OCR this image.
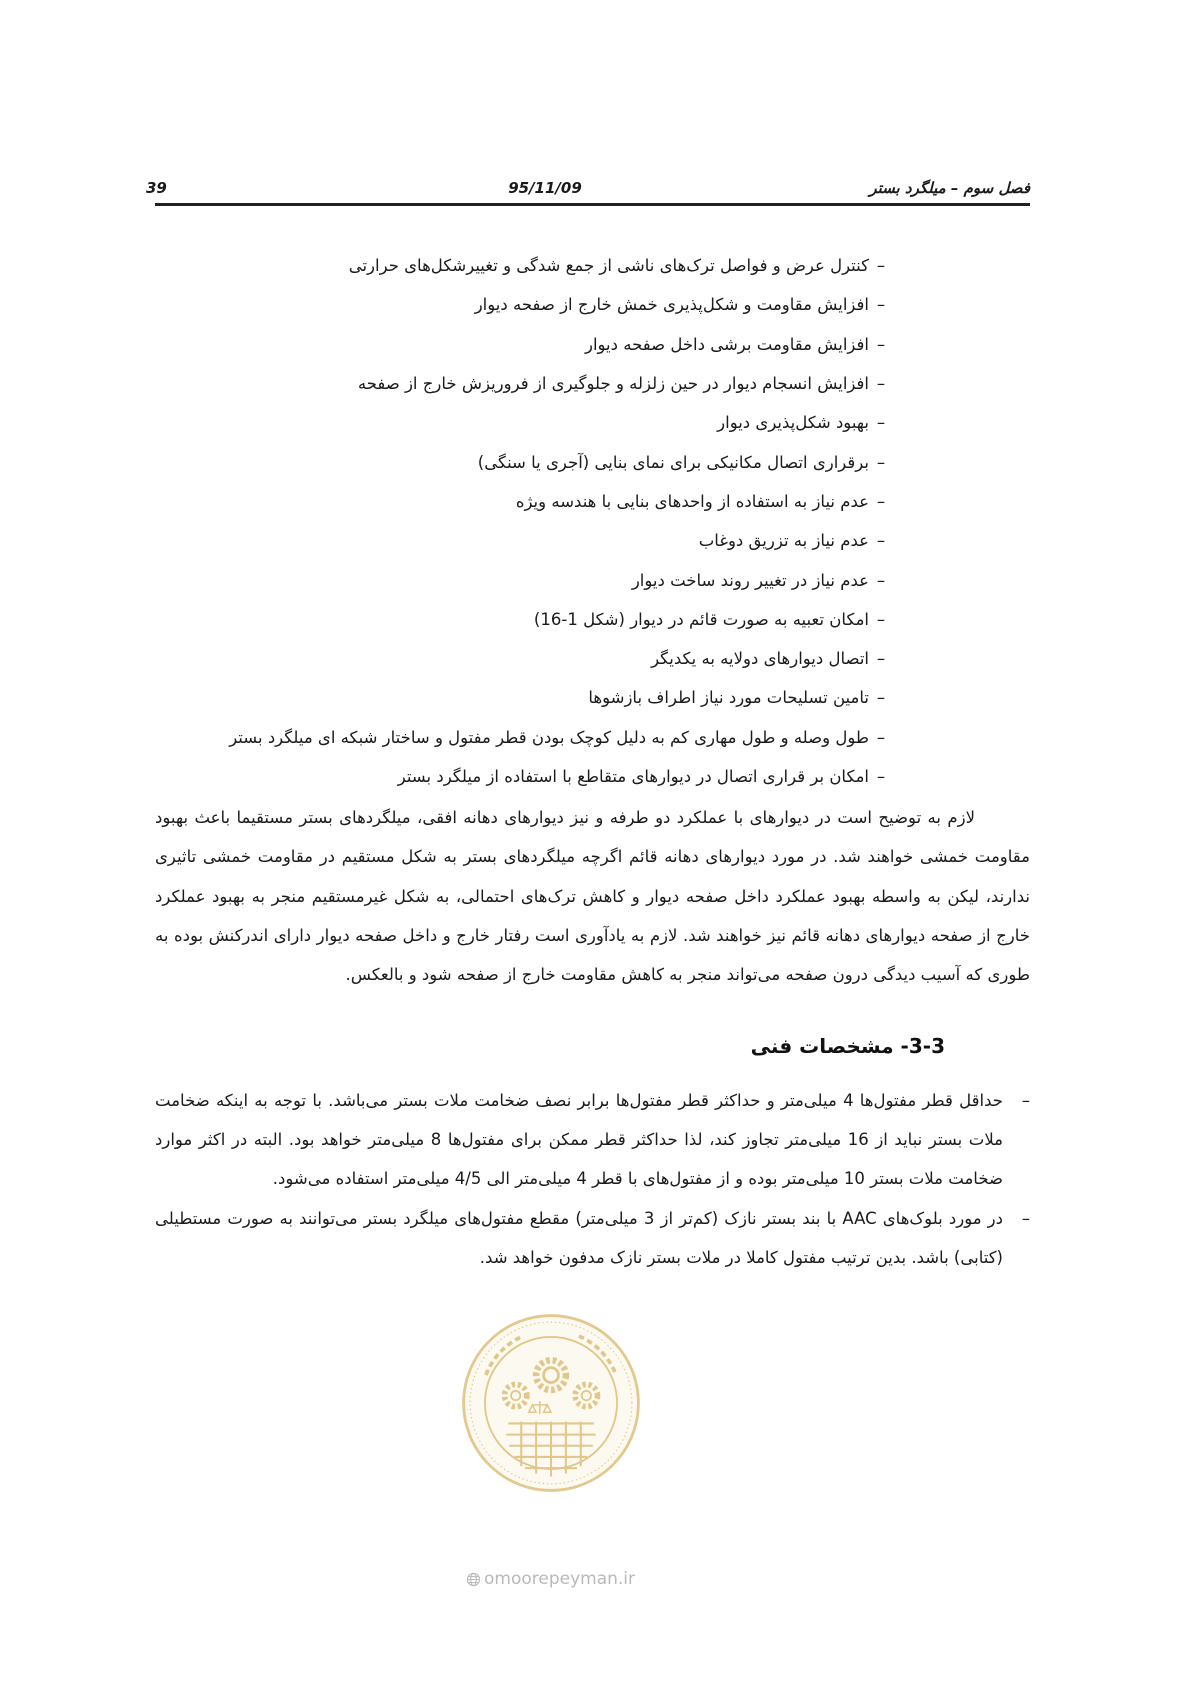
39	95/11/09	فصل سوم – میلگرد بستر
–
کنترل عرض و فواصل ترک‌های ناشی از جمع شدگی و تغییرشکل‌های حرارتی
–
افزایش مقاومت و شکل‌پذیری خمش خارج از صفحه دیوار
–
افزایش مقاومت برشی داخل صفحه دیوار
–
افزایش انسجام دیوار در حین زلزله و جلوگیری از فروریزش خارج از صفحه
–
بهبود شکل‌پذیری دیوار
–
برقراری اتصال مکانیکی برای نمای بنایی (آجری یا سنگی)
–
عدم نیاز به استفاده از واحدهای بنایی با هندسه ویژه
–
عدم نیاز به تزریق دوغاب
–
عدم نیاز در تغییر روند ساخت دیوار
–
امکان تعبیه به صورت قائم در دیوار (شکل 1-16)
–
اتصال دیوارهای دولایه به یکدیگر
–
تامین تسلیحات مورد نیاز اطراف بازشوها
–
طول وصله و طول مهاری کم به دلیل کوچک بودن قطر مفتول و ساختار شبکه ای میلگرد بستر
–
امکان بر قراری اتصال در دیوارهای متقاطع با استفاده از میلگرد بستر

لازم به توضیح است در دیوارهای با عملکرد دو طرفه و نیز دیوارهای دهانه افقی، میلگردهای بستر مستقیما باعث بهبود مقاومت خمشی خواهند شد. در مورد دیوارهای دهانه قائم اگرچه میلگردهای بستر به شکل مستقیم در مقاومت خمشی تاثیری ندارند، لیکن به واسطه بهبود عملکرد داخل صفحه دیوار و کاهش ترک‌های احتمالی، به شکل غیرمستقیم منجر به بهبود عملکرد خارج از صفحه دیوارهای دهانه قائم نیز خواهند شد. لازم به یادآوری است رفتار خارج و داخل صفحه دیوار دارای اندرکنش بوده به طوری که آسیب دیدگی درون صفحه می‌تواند منجر به کاهش مقاومت خارج از صفحه شود و بالعکس.

3-3- مشخصات فنی
–
حداقل قطر مفتول‌ها 4 میلی‌متر و حداکثر قطر مفتول‌ها برابر نصف ضخامت ملات بستر می‌باشد. با توجه به اینکه ضخامت ملات بستر نباید از 16 میلی‌متر تجاوز کند، لذا حداکثر قطر ممکن برای مفتول‌ها 8 میلی‌متر خواهد بود. البته در اکثر موارد ضخامت ملات بستر 10 میلی‌متر بوده و از مفتول‌های با قطر 4 میلی‌متر الی 4/5 میلی‌متر استفاده می‌شود.
–
در مورد بلوک‌های AAC با بند بستر نازک (کم‌تر از 3 میلی‌متر) مقطع مفتول‌های میلگرد بستر می‌توانند به صورت مستطیلی (کتابی) باشد. بدین ترتیب مفتول کاملا در ملات بستر نازک مدفون خواهد شد.
omoorepeyman.ir
